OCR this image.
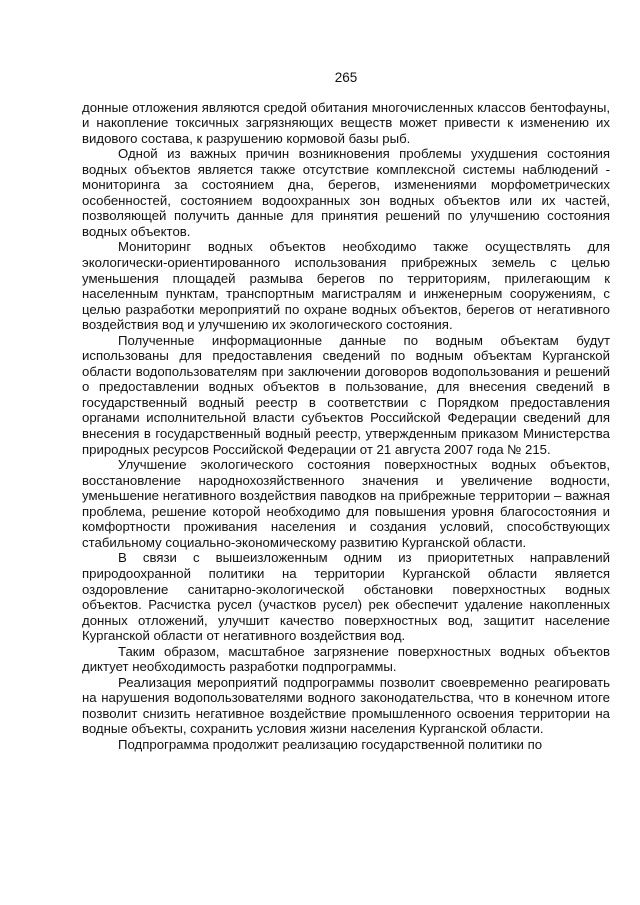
265

донные отложения являются средой обитания многочисленных классов бентофауны, и накопление токсичных загрязняющих веществ может привести к изменению их видового состава, к разрушению кормовой базы рыб.

Одной из важных причин возникновения проблемы ухудшения состояния водных объектов является также отсутствие комплексной системы наблюдений - мониторинга за состоянием дна, берегов, изменениями морфометрических особенностей, состоянием водоохранных зон водных объектов или их частей, позволяющей получить данные для принятия решений по улучшению состояния водных объектов.

Мониторинг водных объектов необходимо также осуществлять для экологически-ориентированного использования прибрежных земель с целью уменьшения площадей размыва берегов по территориям, прилегающим к населенным пунктам, транспортным магистралям и инженерным сооружениям, с целью разработки мероприятий по охране водных объектов, берегов от негативного воздействия вод и улучшению их экологического состояния.

Полученные информационные данные по водным объектам будут использованы для предоставления сведений по водным объектам Курганской области водопользователям при заключении договоров водопользования и решений о предоставлении водных объектов в пользование, для внесения сведений в государственный водный реестр в соответствии с Порядком предоставления органами исполнительной власти субъектов Российской Федерации сведений для внесения в государственный водный реестр, утвержденным приказом Министерства природных ресурсов Российской Федерации от 21 августа 2007 года № 215.

Улучшение экологического состояния поверхностных водных объектов, восстановление народнохозяйственного значения и увеличение водности, уменьшение негативного воздействия паводков на прибрежные территории – важная проблема, решение которой необходимо для повышения уровня благосостояния и комфортности проживания населения и создания условий, способствующих стабильному социально-экономическому развитию Курганской области.

В связи с вышеизложенным одним из приоритетных направлений природоохранной политики на территории Курганской области является оздоровление санитарно-экологической обстановки поверхностных водных объектов. Расчистка русел (участков русел) рек обеспечит удаление накопленных донных отложений, улучшит качество поверхностных вод, защитит население Курганской области от негативного воздействия вод.

Таким образом, масштабное загрязнение поверхностных водных объектов диктует необходимость разработки подпрограммы.

Реализация мероприятий подпрограммы позволит своевременно реагировать на нарушения водопользователями водного законодательства, что в конечном итоге позволит снизить негативное воздействие промышленного освоения территории на водные объекты, сохранить условия жизни населения Курганской области.

Подпрограмма продолжит реализацию государственной политики по
